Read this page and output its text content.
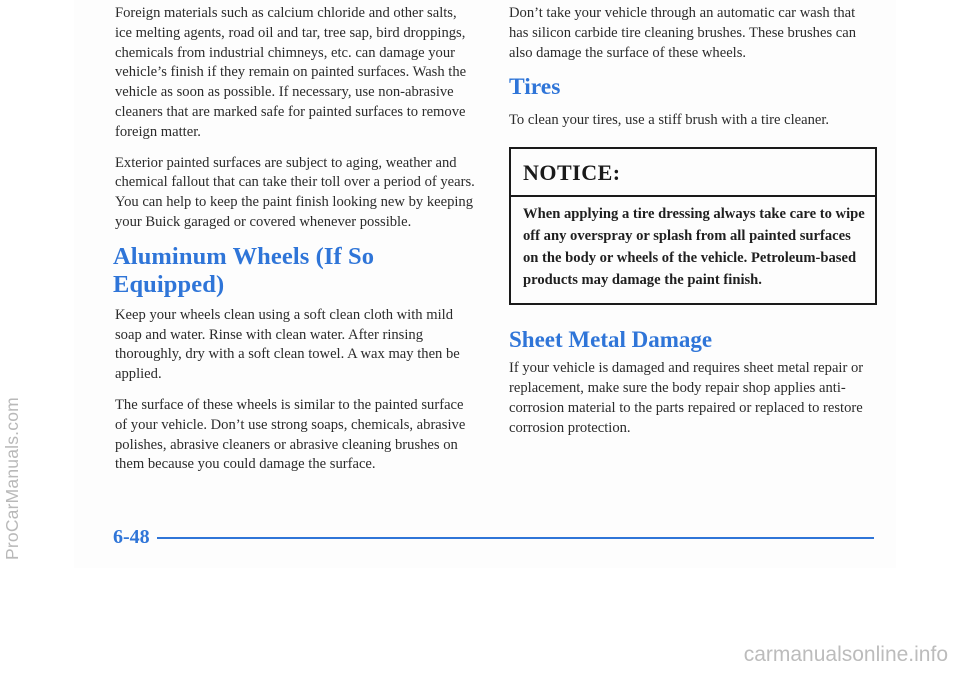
Foreign materials such as calcium chloride and other salts, ice melting agents, road oil and tar, tree sap, bird droppings, chemicals from industrial chimneys, etc. can damage your vehicle’s finish if they remain on painted surfaces. Wash the vehicle as soon as possible. If necessary, use non-abrasive cleaners that are marked safe for painted surfaces to remove foreign matter.

Exterior painted surfaces are subject to aging, weather and chemical fallout that can take their toll over a period of years. You can help to keep the paint finish looking new by keeping your Buick garaged or covered whenever possible.

Aluminum Wheels (If So Equipped)

Keep your wheels clean using a soft clean cloth with mild soap and water. Rinse with clean water. After rinsing thoroughly, dry with a soft clean towel. A wax may then be applied.

The surface of these wheels is similar to the painted surface of your vehicle. Don’t use strong soaps, chemicals, abrasive polishes, abrasive cleaners or abrasive cleaning brushes on them because you could damage the surface.

Don’t take your vehicle through an automatic car wash that has silicon carbide tire cleaning brushes. These brushes can also damage the surface of these wheels.

Tires

To clean your tires, use a stiff brush with a tire cleaner.

NOTICE:
When applying a tire dressing always take care to wipe off any overspray or splash from all painted surfaces on the body or wheels of the vehicle. Petroleum-based products may damage the paint finish.
Sheet Metal Damage

If your vehicle is damaged and requires sheet metal repair or replacement, make sure the body repair shop applies anti-corrosion material to the parts repaired or replaced to restore corrosion protection.

6-48
ProCarManuals.com
carmanualsonline.info
